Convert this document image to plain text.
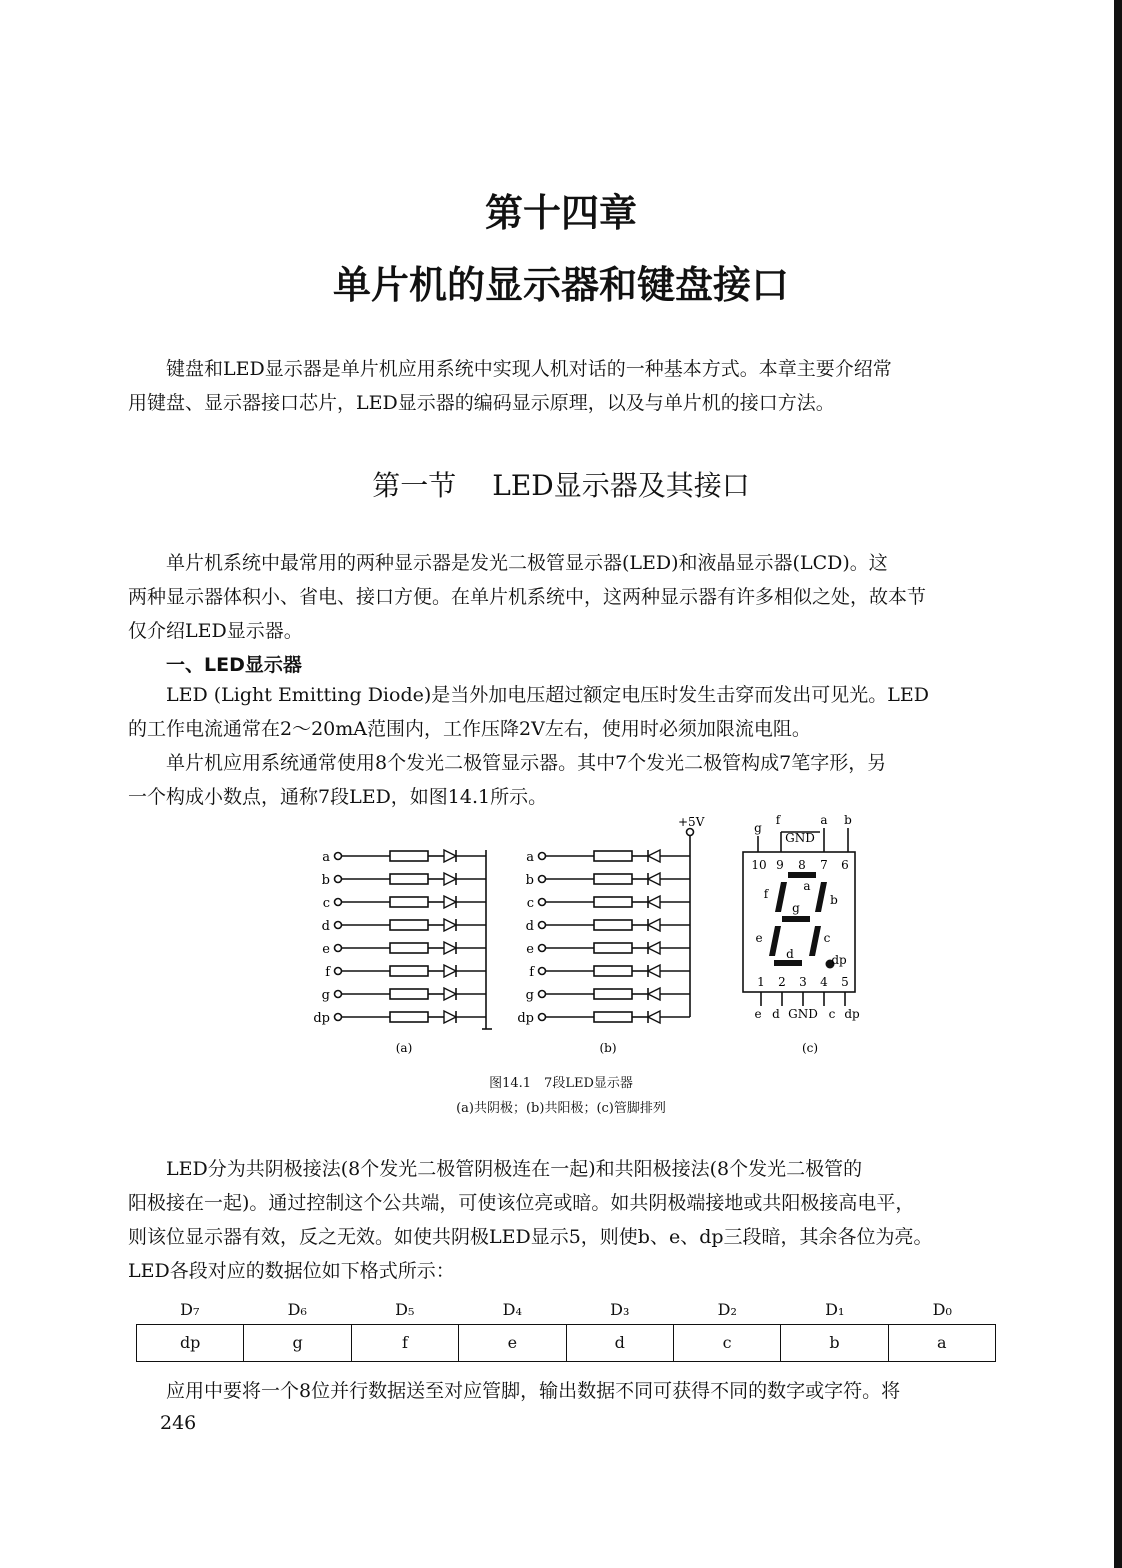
第十四章
单片机的显示器和键盘接口
键盘和LED显示器是单片机应用系统中实现人机对话的一种基本方式。本章主要介绍常
用键盘、显示器接口芯片，LED显示器的编码显示原理，以及与单片机的接口方法。
第一节 LED显示器及其接口
单片机系统中最常用的两种显示器是发光二极管显示器(LED)和液晶显示器(LCD)。这
两种显示器体积小、省电、接口方便。在单片机系统中，这两种显示器有许多相似之处，故本节
仅介绍LED显示器。
一、LED显示器
LED (Light Emitting Diode)是当外加电压超过额定电压时发生击穿而发出可见光。LED
的工作电流通常在2～20mA范围内，工作压降2V左右，使用时必须加限流电阻。
单片机应用系统通常使用8个发光二极管显示器。其中7个发光二极管构成7笔字形，另
一个构成小数点，通称7段LED，如图14.1所示。
a
b
c
d
e
f
g
dp
(a)
a
b
c
d
e
f
g
dp
+5V
(b)
g
f	a b
GND
10 9 8 7 6
a
f	b
g
e	c
d	dp
1 2 3 4 5
e d GND c dp
(c)
图14.1　7段LED显示器
(a)共阴极；(b)共阳极；(c)管脚排列
LED分为共阴极接法(8个发光二极管阴极连在一起)和共阳极接法(8个发光二极管的
阳极接在一起)。通过控制这个公共端，可使该位亮或暗。如共阴极端接地或共阳极接高电平，
则该位显示器有效，反之无效。如使共阴极LED显示5，则使b、e、dp三段暗，其余各位为亮。
LED各段对应的数据位如下格式所示：
D₇	D₆	D₅	D₄	D₃	D₂	D₁	D₀
dp	g	f	e	d	c	b	a
应用中要将一个8位并行数据送至对应管脚，输出数据不同可获得不同的数字或字符。将
246
